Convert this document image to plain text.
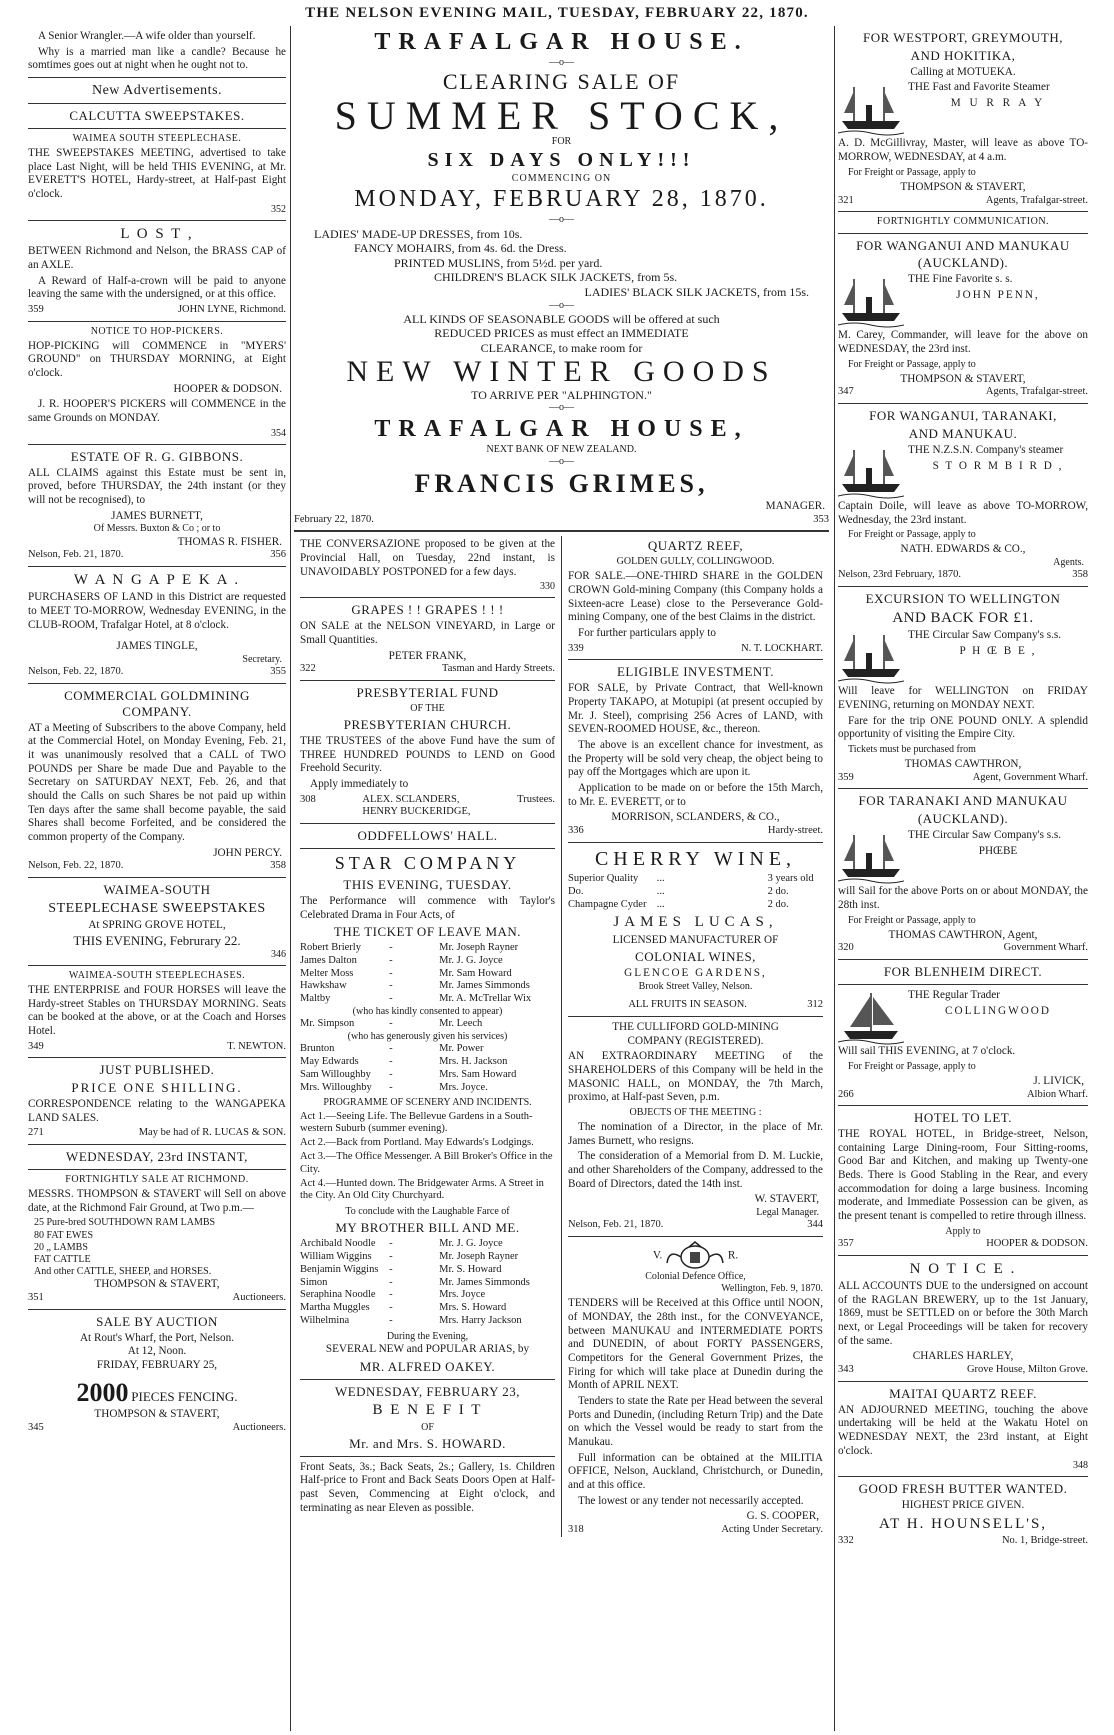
THE NELSON EVENING MAIL, TUESDAY, FEBRUARY 22, 1870.
A Senior Wrangler.—A wife older than yourself.
Why is a married man like a candle? Because he somtimes goes out at night when he ought not to.
New Advertisements.
CALCUTTA SWEEPSTAKES.
WAIMEA SOUTH STEEPLECHASE.
THE SWEEPSTAKES MEETING, advertised to take place Last Night, will be held THIS EVENING, at Mr. EVERETT'S HOTEL, Hardy-street, at Half-past Eight o'clock.
352
L O S T ,
BETWEEN Richmond and Nelson, the BRASS CAP of an AXLE.
A Reward of Half-a-crown will be paid to anyone leaving the same with the undersigned, or at this office.
359	JOHN LYNE, Richmond.
NOTICE TO HOP-PICKERS.
HOP-PICKING will COMMENCE in "MYERS' GROUND" on THURSDAY MORNING, at Eight o'clock.
HOOPER & DODSON.
J. R. HOOPER'S PICKERS will COMMENCE in the same Grounds on MONDAY.
354
ESTATE OF R. G. GIBBONS.
ALL CLAIMS against this Estate must be sent in, proved, before THURSDAY, the 24th instant (or they will not be recognised), to
JAMES BURNETT,
Of Messrs. Buxton & Co ; or to
THOMAS R. FISHER.
Nelson, Feb. 21, 1870.	356
W A N G A P E K A .
PURCHASERS OF LAND in this District are requested to MEET TO-MORROW, Wednesday EVENING, in the CLUB-ROOM, Trafalgar Hotel, at 8 o'clock.
JAMES TINGLE,
Secretary.
Nelson, Feb. 22, 1870.	355
COMMERCIAL GOLDMINING COMPANY.
AT a Meeting of Subscribers to the above Company, held at the Commercial Hotel, on Monday Evening, Feb. 21, it was unanimously resolved that a CALL of TWO POUNDS per Share be made Due and Payable to the Secretary on SATURDAY NEXT, Feb. 26, and that should the Calls on such Shares be not paid up within Ten days after the same shall become payable, the said Shares shall become Forfeited, and be considered the common property of the Company.
JOHN PERCY.
Nelson, Feb. 22, 1870.	358
WAIMEA-SOUTH
STEEPLECHASE SWEEPSTAKES
At SPRING GROVE HOTEL,
THIS EVENING, Februrary 22.
346
WAIMEA-SOUTH STEEPLECHASES.
THE ENTERPRISE and FOUR HORSES will leave the Hardy-street Stables on THURSDAY MORNING. Seats can be booked at the above, or at the Coach and Horses Hotel.
349	T. NEWTON.
JUST PUBLISHED.
PRICE ONE SHILLING.
CORRESPONDENCE relating to the WANGAPEKA LAND SALES.
271	May be had of R. LUCAS & SON.
WEDNESDAY, 23rd INSTANT,
FORTNIGHTLY SALE AT RICHMOND.
MESSRS. THOMPSON & STAVERT will Sell on above date, at the Richmond Fair Ground, at Two p.m.—
25 Pure-bred SOUTHDOWN RAM LAMBS
80 FAT EWES
20 „ LAMBS
FAT CATTLE
And other CATTLE, SHEEP, and HORSES.
THOMPSON & STAVERT,
351	Auctioneers.
SALE BY AUCTION
At Rout's Wharf, the Port, Nelson.
At 12, Noon.
FRIDAY, FEBRUARY 25,
2000 PIECES FENCING.
THOMPSON & STAVERT,
345	Auctioneers.
TRAFALGAR HOUSE.
—o—
CLEARING SALE OF
SUMMER STOCK,
FOR
SIX DAYS ONLY!!!
COMMENCING ON
MONDAY, FEBRUARY 28, 1870.
—o—
LADIES' MADE-UP DRESSES, from 10s.
FANCY MOHAIRS, from 4s. 6d. the Dress.
PRINTED MUSLINS, from 5½d. per yard.
CHILDREN'S BLACK SILK JACKETS, from 5s.
LADIES' BLACK SILK JACKETS, from 15s.
—o—
ALL KINDS OF SEASONABLE GOODS will be offered at such
REDUCED PRICES as must effect an IMMEDIATE
CLEARANCE, to make room for
NEW WINTER GOODS
TO ARRIVE PER "ALPHINGTON."
—o—
TRAFALGAR HOUSE,
NEXT BANK OF NEW ZEALAND.
—o—
FRANCIS GRIMES,
MANAGER.
February 22, 1870.	353
THE CONVERSAZIONE proposed to be given at the Provincial Hall, on Tuesday, 22nd instant, is UNAVOIDABLY POSTPONED for a few days.
330
GRAPES ! ! GRAPES ! ! !
ON SALE at the NELSON VINEYARD, in Large or Small Quantities.
PETER FRANK,
322	Tasman and Hardy Streets.
PRESBYTERIAL FUND
OF THE
PRESBYTERIAN CHURCH.
THE TRUSTEES of the above Fund have the sum of THREE HUNDRED POUNDS to LEND on Good Freehold Security.
Apply immediately to
308	ALEX. SCLANDERS,
HENRY BUCKERIDGE,
Trustees.
ODDFELLOWS' HALL.
STAR COMPANY
THIS EVENING, TUESDAY.
The Performance will commence with Taylor's Celebrated Drama in Four Acts, of
THE TICKET OF LEAVE MAN.
Robert Brierly	-	Mr. Joseph Rayner
James Dalton	-	Mr. J. G. Joyce
Melter Moss	-	Mr. Sam Howard
Hawkshaw	-	Mr. James Simmonds
Maltby	-	Mr. A. McTrellar Wix
(who has kindly consented to appear)
Mr. Simpson	-	Mr. Leech
(who has generously given his services)
Brunton	-	Mr. Power
May Edwards	-	Mrs. H. Jackson
Sam Willoughby	-	Mrs. Sam Howard
Mrs. Willoughby	-	Mrs. Joyce.
PROGRAMME OF SCENERY AND INCIDENTS.
Act 1.—Seeing Life. The Bellevue Gardens in a South-western Suburb (summer evening).
Act 2.—Back from Portland. May Edwards's Lodgings.
Act 3.—The Office Messenger. A Bill Broker's Office in the City.
Act 4.—Hunted down. The Bridgewater Arms. A Street in the City. An Old City Churchyard.
To conclude with the Laughable Farce of
MY BROTHER BILL AND ME.
Archibald Noodle	-	Mr. J. G. Joyce
William Wiggins	-	Mr. Joseph Rayner
Benjamin Wiggins	-	Mr. S. Howard
Simon	-	Mr. James Simmonds
Seraphina Noodle	-	Mrs. Joyce
Martha Muggles	-	Mrs. S. Howard
Wilhelmina	-	Mrs. Harry Jackson
During the Evening,
SEVERAL NEW and POPULAR ARIAS, by
MR. ALFRED OAKEY.
WEDNESDAY, FEBRUARY 23,
B E N E F I T
OF
Mr. and Mrs. S. HOWARD.
Front Seats, 3s.; Back Seats, 2s.; Gallery, 1s. Children Half-price to Front and Back Seats Doors Open at Half-past Seven, Commencing at Eight o'clock, and terminating as near Eleven as possible.
QUARTZ REEF,
GOLDEN GULLY, COLLINGWOOD.
FOR SALE.—ONE-THIRD SHARE in the GOLDEN CROWN Gold-mining Company (this Company holds a Sixteen-acre Lease) close to the Perseverance Gold-mining Company, one of the best Claims in the district.
For further particulars apply to
339	N. T. LOCKHART.
ELIGIBLE INVESTMENT.
FOR SALE, by Private Contract, that Well-known Property TAKAPO, at Motupipi (at present occupied by Mr. J. Steel), comprising 256 Acres of LAND, with SEVEN-ROOMED HOUSE, &c., thereon.
The above is an excellent chance for investment, as the Property will be sold very cheap, the object being to pay off the Mortgages which are upon it.
Application to be made on or before the 15th March, to Mr. E. EVERETT, or to
MORRISON, SCLANDERS, & CO.,
336	Hardy-street.
CHERRY WINE,
Superior Quality	...	3 years old
Do.	...	2 do.
Champagne Cyder ...	2 do.
JAMES LUCAS,
LICENSED MANUFACTURER OF
COLONIAL WINES,
GLENCOE GARDENS,
Brook Street Valley, Nelson.
ALL FRUITS IN SEASON.	312
THE CULLIFORD GOLD-MINING
COMPANY (REGISTERED).
AN EXTRAORDINARY MEETING of the SHAREHOLDERS of this Company will be held in the MASONIC HALL, on MONDAY, the 7th March, proximo, at Half-past Seven, p.m.
OBJECTS OF THE MEETING :
The nomination of a Director, in the place of Mr. James Burnett, who resigns.
The consideration of a Memorial from D. M. Luckie, and other Shareholders of the Company, addressed to the Board of Directors, dated the 14th inst.
W. STAVERT,
Legal Manager.
Nelson, Feb. 21, 1870.	344
V.	R.
Colonial Defence Office,
Wellington, Feb. 9, 1870.
TENDERS will be Received at this Office until NOON, of MONDAY, the 28th inst., for the CONVEYANCE, between MANUKAU and INTERMEDIATE PORTS and DUNEDIN, of about FORTY PASSENGERS, Competitors for the General Government Prizes, the Firing for which will take place at Dunedin during the Month of APRIL NEXT.
Tenders to state the Rate per Head between the several Ports and Dunedin, (including Return Trip) and the Date on which the Vessel would be ready to start from the Manukau.
Full information can be obtained at the MILITIA OFFICE, Nelson, Auckland, Christchurch, or Dunedin, and at this office.
The lowest or any tender not necessarily accepted.
G. S. COOPER,
318	Acting Under Secretary.
FOR WESTPORT, GREYMOUTH,
AND HOKITIKA,
Calling at MOTUEKA.
THE Fast and Favorite Steamer
M U R R A Y
A. D. McGillivray, Master, will leave as above TO-MORROW, WEDNESDAY, at 4 a.m.
For Freight or Passage, apply to
THOMPSON & STAVERT,
321	Agents, Trafalgar-street.
FORTNIGHTLY COMMUNICATION.
FOR WANGANUI AND MANUKAU
(AUCKLAND).
THE Fine Favorite s. s.
JOHN PENN,
M. Carey, Commander, will leave for the above on WEDNESDAY, the 23rd inst.
For Freight or Passage, apply to
THOMPSON & STAVERT,
347	Agents, Trafalgar-street.
FOR WANGANUI, TARANAKI,
AND MANUKAU.
THE N.Z.S.N. Company's steamer
S T O R M B I R D ,
Captain Doile, will leave as above TO-MORROW, Wednesday, the 23rd instant.
For Freight or Passage, apply to
NATH. EDWARDS & CO.,
Agents.
Nelson, 23rd February, 1870.	358
EXCURSION TO WELLINGTON
AND BACK FOR £1.
THE Circular Saw Company's s.s.
P H Œ B E ,
Will leave for WELLINGTON on FRIDAY EVENING, returning on MONDAY NEXT.
Fare for the trip ONE POUND ONLY. A splendid opportunity of visiting the Empire City.
Tickets must be purchased from
THOMAS CAWTHRON,
359	Agent, Government Wharf.
FOR TARANAKI AND MANUKAU
(AUCKLAND).
THE Circular Saw Company's s.s.
PHŒBE
will Sail for the above Ports on or about MONDAY, the 28th inst.
For Freight or Passage, apply to
THOMAS CAWTHRON, Agent,
320	Government Wharf.
FOR BLENHEIM DIRECT.
THE Regular Trader
COLLINGWOOD
Will sail THIS EVENING, at 7 o'clock.
For Freight or Passage, apply to
J. LIVICK,
266	Albion Wharf.
HOTEL TO LET.
THE ROYAL HOTEL, in Bridge-street, Nelson, containing Large Dining-room, Four Sitting-rooms, Good Bar and Kitchen, and making up Twenty-one Beds. There is Good Stabling in the Rear, and every accommodation for doing a large business. Incoming moderate, and Immediate Possession can be given, as the present tenant is compelled to retire through illness.
Apply to
357	HOOPER & DODSON.
N O T I C E .
ALL ACCOUNTS DUE to the undersigned on account of the RAGLAN BREWERY, up to the 1st January, 1869, must be SETTLED on or before the 30th March next, or Legal Proceedings will be taken for recovery of the same.
CHARLES HARLEY,
343	Grove House, Milton Grove.
MAITAI QUARTZ REEF.
AN ADJOURNED MEETING, touching the above undertaking will be held at the Wakatu Hotel on WEDNESDAY NEXT, the 23rd instant, at Eight o'clock.
348
GOOD FRESH BUTTER WANTED.
HIGHEST PRICE GIVEN.
AT H. HOUNSELL'S,
332	No. 1, Bridge-street.
